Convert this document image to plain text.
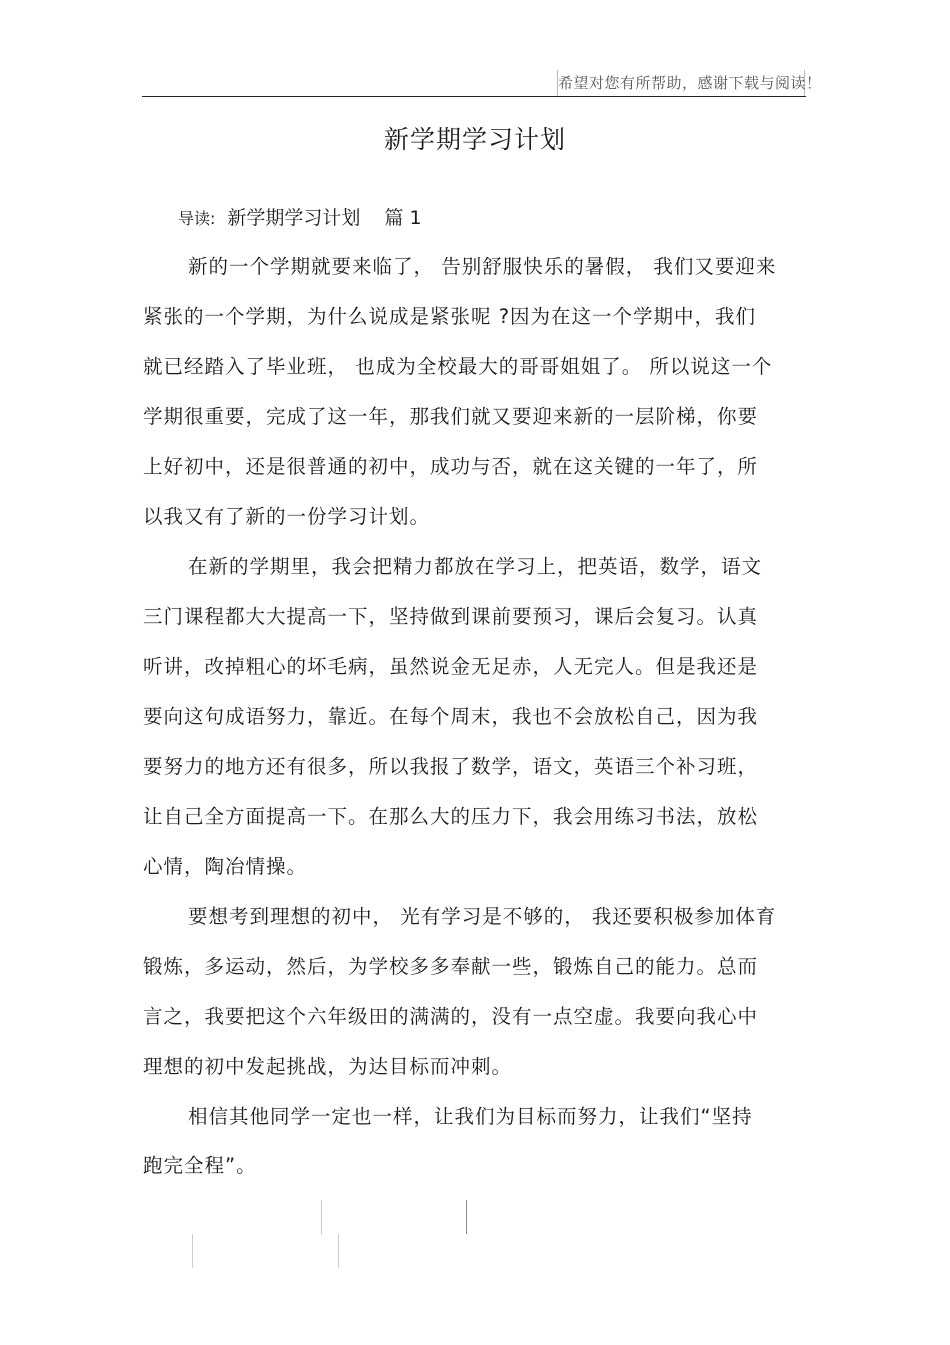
希望对您有所帮助，感谢下载与阅读！
新学期学习计划
导读: 新学期学习计划 篇 1
新的一个学期就要来临了， 告别舒服快乐的暑假， 我们又要迎来
紧张的一个学期，为什么说成是紧张呢 ?因为在这一个学期中，我们
就已经踏入了毕业班， 也成为全校最大的哥哥姐姐了。 所以说这一个
学期很重要，完成了这一年，那我们就又要迎来新的一层阶梯，你要
上好初中，还是很普通的初中，成功与否，就在这关键的一年了，所
以我又有了新的一份学习计划。
在新的学期里，我会把精力都放在学习上，把英语，数学，语文
三门课程都大大提高一下，坚持做到课前要预习，课后会复习。认真
听讲，改掉粗心的坏毛病，虽然说金无足赤，人无完人。但是我还是
要向这句成语努力，靠近。在每个周末，我也不会放松自己，因为我
要努力的地方还有很多，所以我报了数学，语文，英语三个补习班，
让自己全方面提高一下。在那么大的压力下，我会用练习书法，放松
心情，陶冶情操。
要想考到理想的初中， 光有学习是不够的， 我还要积极参加体育
锻炼，多运动，然后，为学校多多奉献一些，锻炼自己的能力。总而
言之，我要把这个六年级田的满满的，没有一点空虚。我要向我心中
理想的初中发起挑战，为达目标而冲刺。
相信其他同学一定也一样，让我们为目标而努力，让我们“坚持
跑完全程”。
